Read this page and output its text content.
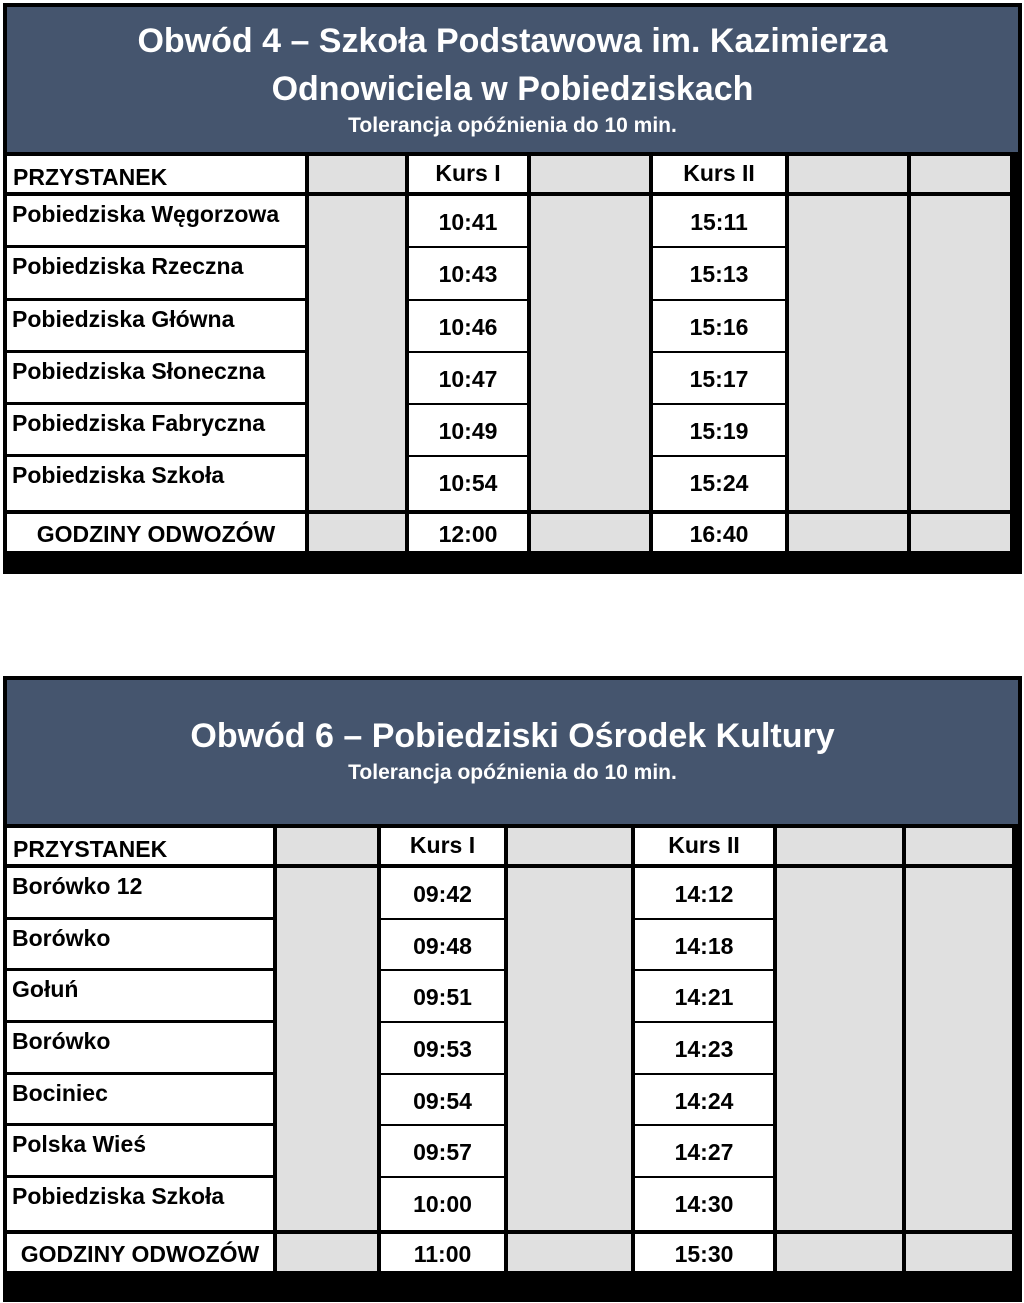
Obwód 4 – Szkoła Podstawowa im. Kazimierza
Odnowiciela w Pobiedziskach
Tolerancja opóźnienia do 10 min.
PRZYSTANEK	Kurs I	Kurs II
Pobiedziska Węgorzowa	10:41	15:11
Pobiedziska Rzeczna	10:43	15:13
Pobiedziska Główna	10:46	15:16
Pobiedziska Słoneczna	10:47	15:17
Pobiedziska Fabryczna	10:49	15:19
Pobiedziska Szkoła	10:54	15:24
GODZINY ODWOZÓW	12:00	16:40
Obwód 6 – Pobiedziski Ośrodek Kultury
Tolerancja opóźnienia do 10 min.
PRZYSTANEK	Kurs I	Kurs II
Borówko 12	09:42	14:12
Borówko	09:48	14:18
Gołuń	09:51	14:21
Borówko	09:53	14:23
Bociniec	09:54	14:24
Polska Wieś	09:57	14:27
Pobiedziska Szkoła	10:00	14:30
GODZINY ODWOZÓW	11:00	15:30
